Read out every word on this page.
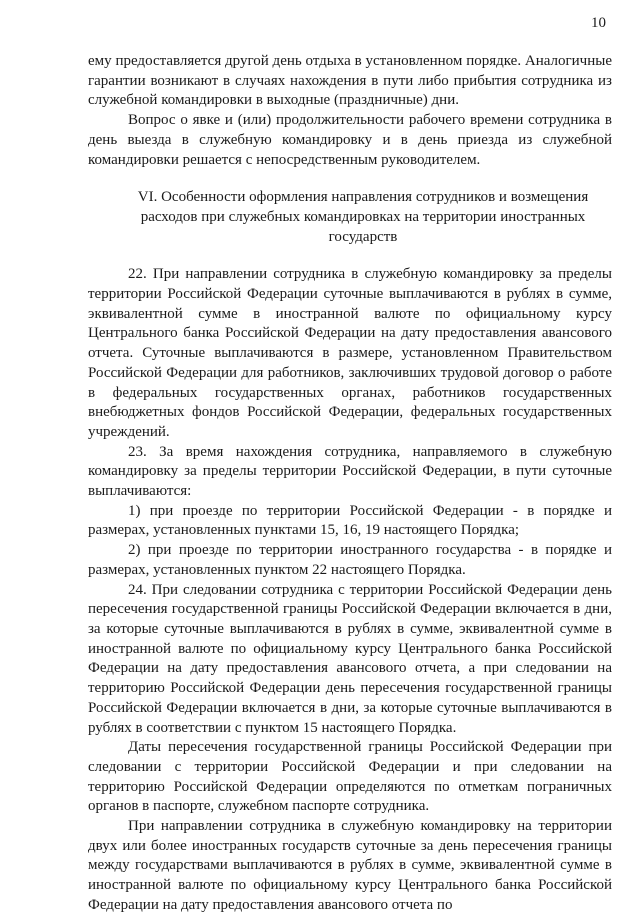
10

ему предоставляется другой день отдыха в установленном порядке. Аналогичные гарантии возникают в случаях нахождения в пути либо прибытия сотрудника из служебной командировки в выходные (праздничные) дни.

Вопрос о явке и (или) продолжительности рабочего времени сотрудника в день выезда в служебную командировку и в день приезда из служебной командировки решается с непосредственным руководителем.

VI. Особенности оформления направления сотрудников и возмещения расходов при служебных командировках на территории иностранных государств

22. При направлении сотрудника в служебную командировку за пределы территории Российской Федерации суточные выплачиваются в рублях в сумме, эквивалентной сумме в иностранной валюте по официальному курсу Центрального банка Российской Федерации на дату предоставления авансового отчета. Суточные выплачиваются в размере, установленном Правительством Российской Федерации для работников, заключивших трудовой договор о работе в федеральных государственных органах, работников государственных внебюджетных фондов Российской Федерации, федеральных государственных учреждений.

23. За время нахождения сотрудника, направляемого в служебную командировку за пределы территории Российской Федерации, в пути суточные выплачиваются:

1) при проезде по территории Российской Федерации - в порядке и размерах, установленных пунктами 15, 16, 19 настоящего Порядка;

2) при проезде по территории иностранного государства - в порядке и размерах, установленных пунктом 22 настоящего Порядка.

24. При следовании сотрудника с территории Российской Федерации день пересечения государственной границы Российской Федерации включается в дни, за которые суточные выплачиваются в рублях в сумме, эквивалентной сумме в иностранной валюте по официальному курсу Центрального банка Российской Федерации на дату предоставления авансового отчета, а при следовании на территорию Российской Федерации день пересечения государственной границы Российской Федерации включается в дни, за которые суточные выплачиваются в рублях в соответствии с пунктом 15 настоящего Порядка.

Даты пересечения государственной границы Российской Федерации при следовании с территории Российской Федерации и при следовании на территорию Российской Федерации определяются по отметкам пограничных органов в паспорте, служебном паспорте сотрудника.

При направлении сотрудника в служебную командировку на территории двух или более иностранных государств суточные за день пересечения границы между государствами выплачиваются в рублях в сумме, эквивалентной сумме в иностранной валюте по официальному курсу Центрального банка Российской Федерации на дату предоставления авансового отчета по
